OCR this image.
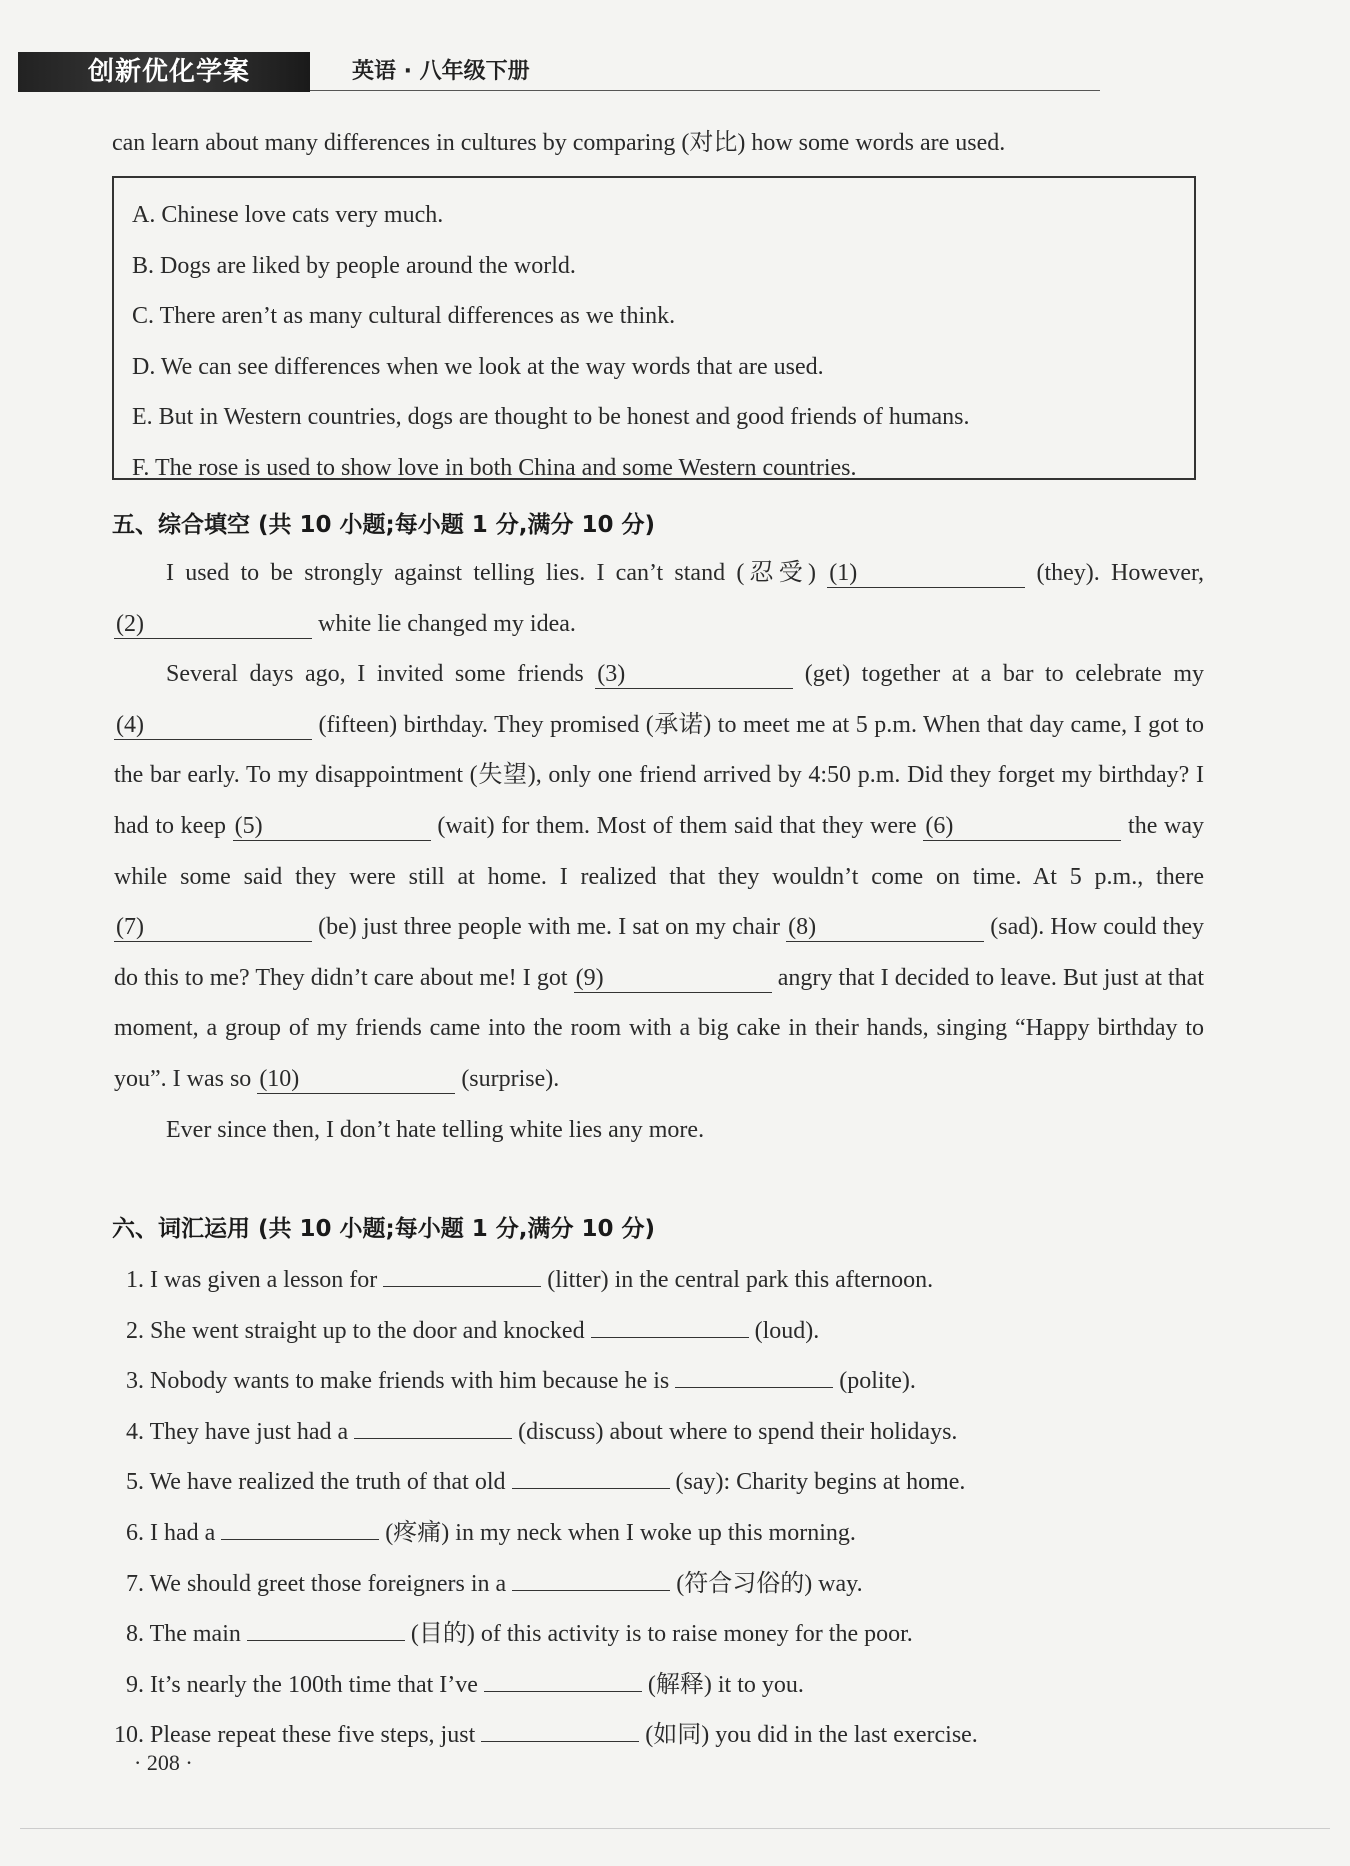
创新优化学案	英语 · 八年级下册
can learn about many differences in cultures by comparing (对比) how some words are used.
A. Chinese love cats very much.
B. Dogs are liked by people around the world.
C. There aren’t as many cultural differences as we think.
D. We can see differences when we look at the way words that are used.
E. But in Western countries, dogs are thought to be honest and good friends of humans.
F. The rose is used to show love in both China and some Western countries.
五、综合填空 (共 10 小题;每小题 1 分,满分 10 分)

I used to be strongly against telling lies. I can’t stand (忍受) (1)	(they). However, (2)	white lie changed my idea.

Several days ago, I invited some friends (3)	(get) together at a bar to celebrate my (4)	(fifteen) birthday. They promised (承诺) to meet me at 5 p.m. When that day came, I got to the bar early. To my disappointment (失望), only one friend arrived by 4:50 p.m. Did they forget my birthday? I had to keep (5)	(wait) for them. Most of them said that they were (6)	the way while some said they were still at home. I realized that they wouldn’t come on time. At 5 p.m., there (7)	(be) just three people with me. I sat on my chair (8)	(sad). How could they do this to me? They didn’t care about me! I got (9)	angry that I decided to leave. But just at that moment, a group of my friends came into the room with a big cake in their hands, singing “Happy birthday to you”. I was so (10)	(surprise).

Ever since then, I don’t hate telling white lies any more.

六、词汇运用 (共 10 小题;每小题 1 分,满分 10 分)
1. I was given a lesson for	(litter) in the central park this afternoon.
2. She went straight up to the door and knocked	(loud).
3. Nobody wants to make friends with him because he is	(polite).
4. They have just had a	(discuss) about where to spend their holidays.
5. We have realized the truth of that old	(say): Charity begins at home.
6. I had a	(疼痛) in my neck when I woke up this morning.
7. We should greet those foreigners in a	(符合习俗的) way.
8. The main	(目的) of this activity is to raise money for the poor.
9. It’s nearly the 100th time that I’ve	(解释) it to you.
10. Please repeat these five steps, just	(如同) you did in the last exercise.
· 208 ·
